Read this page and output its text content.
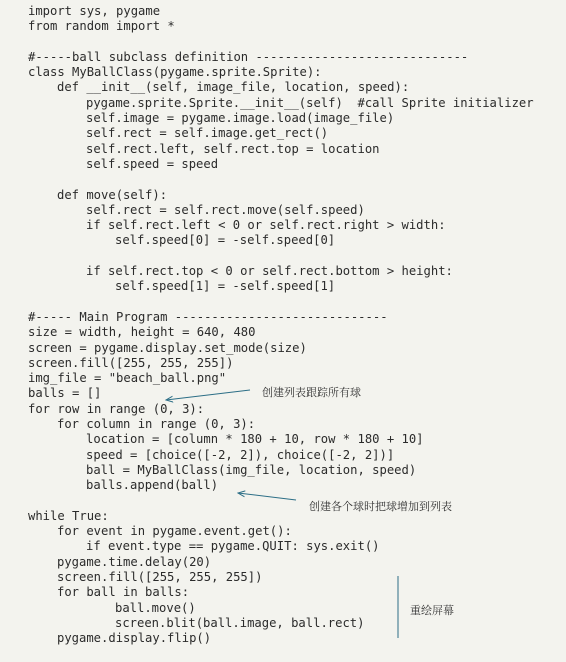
import sys, pygame
from random import *
#-----ball subclass definition -----------------------------
class MyBallClass(pygame.sprite.Sprite):
def __init__(self, image_file, location, speed):
pygame.sprite.Sprite.__init__(self)  #call Sprite initializer
self.image = pygame.image.load(image_file)
self.rect = self.image.get_rect()
self.rect.left, self.rect.top = location
self.speed = speed
def move(self):
self.rect = self.rect.move(self.speed)
if self.rect.left < 0 or self.rect.right > width:
self.speed[0] = -self.speed[0]
if self.rect.top < 0 or self.rect.bottom > height:
self.speed[1] = -self.speed[1]
#----- Main Program -----------------------------
size = width, height = 640, 480
screen = pygame.display.set_mode(size)
screen.fill([255, 255, 255])
img_file = "beach_ball.png"
balls = []
for row in range (0, 3):
for column in range (0, 3):
location = [column * 180 + 10, row * 180 + 10]
speed = [choice([-2, 2]), choice([-2, 2])]
ball = MyBallClass(img_file, location, speed)
balls.append(ball)
while True:
for event in pygame.event.get():
if event.type == pygame.QUIT: sys.exit()
pygame.time.delay(20)
screen.fill([255, 255, 255])
for ball in balls:
ball.move()
screen.blit(ball.image, ball.rect)
pygame.display.flip()
创建列表跟踪所有球
创建各个球时把球增加到列表
重绘屏幕
